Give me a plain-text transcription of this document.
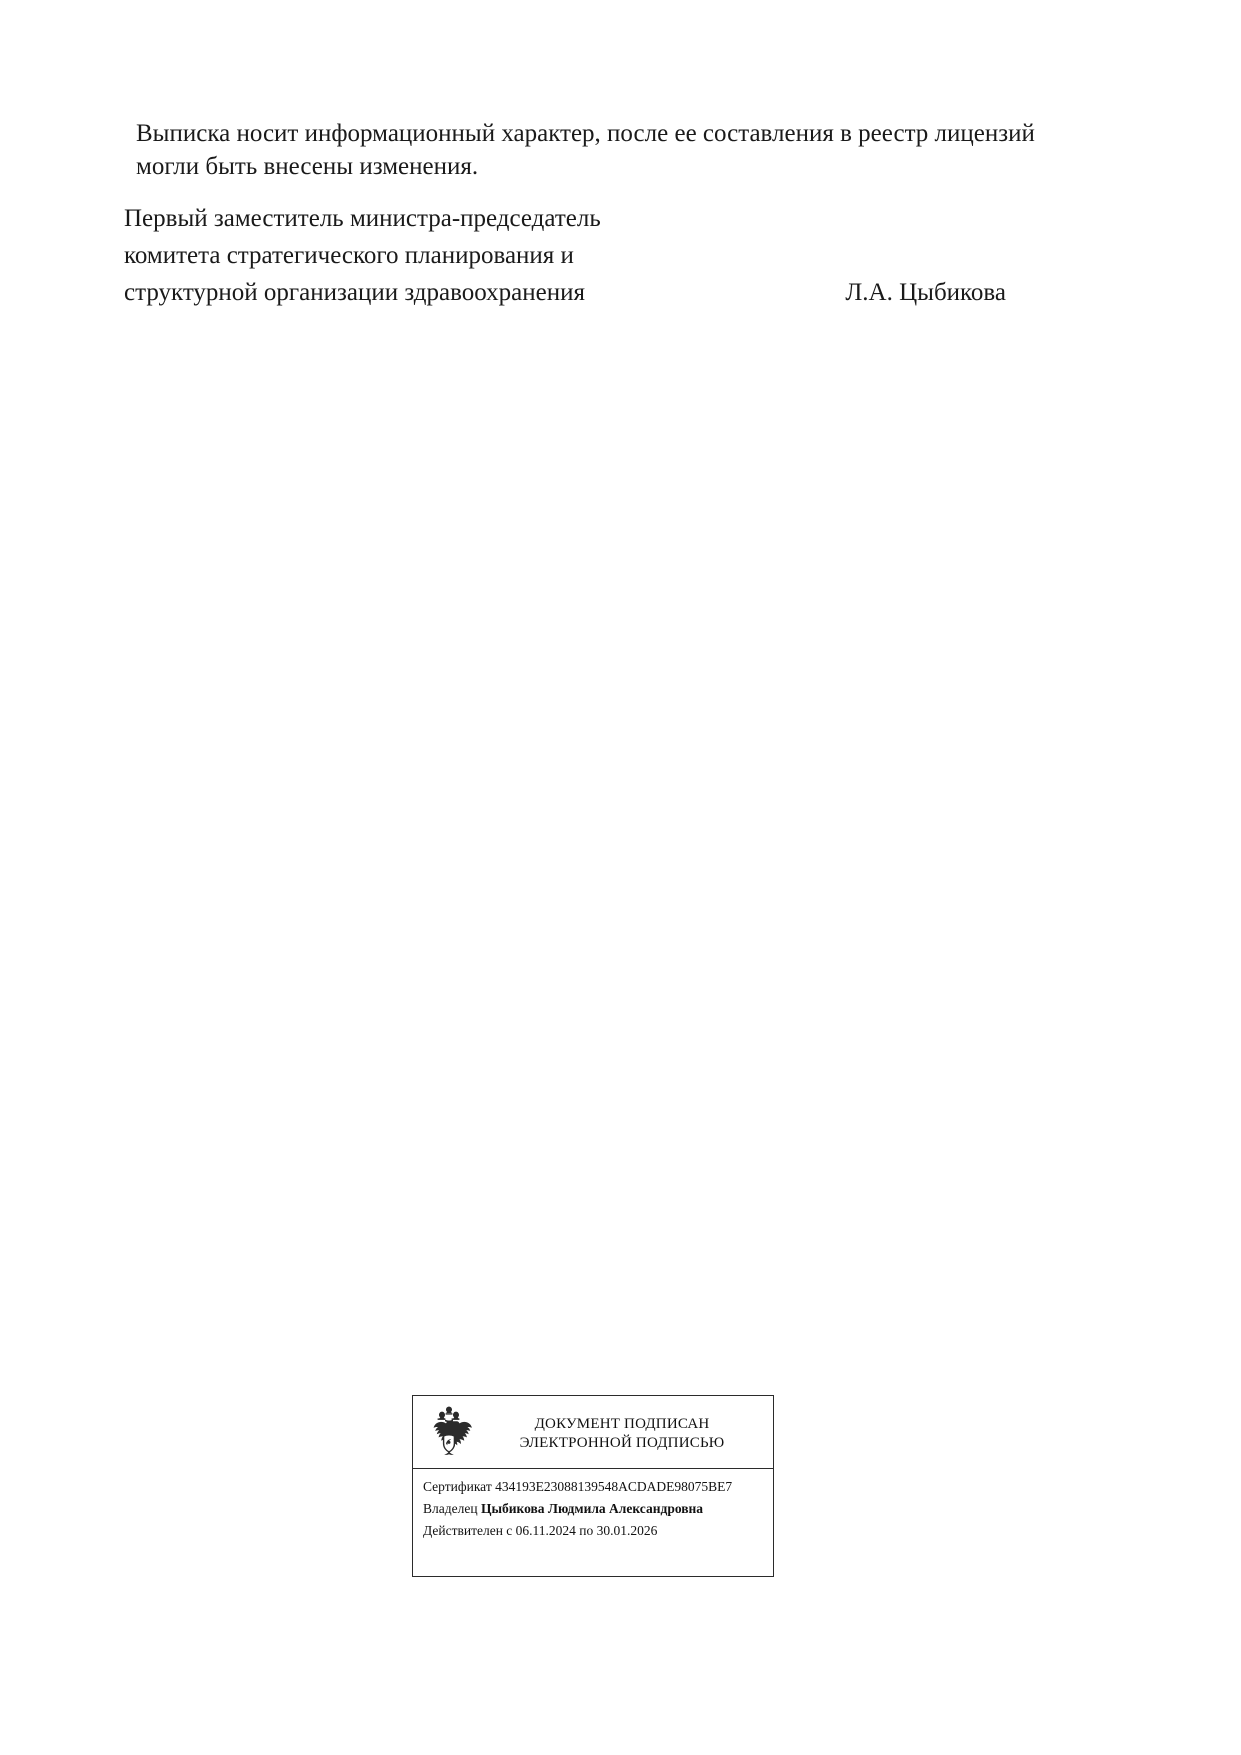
Выписка носит информационный характер, после ее составления в реестр лицензий могли быть внесены изменения.

Первый заместитель министра-председатель
комитета стратегического планирования и
структурной организации здравоохранения	Л.А. Цыбикова
ДОКУМЕНТ ПОДПИСАН
ЭЛЕКТРОННОЙ ПОДПИСЬЮ
Сертификат 434193E23088139548ACDADE98075BE7
Владелец Цыбикова Людмила Александровна
Действителен с 06.11.2024 по 30.01.2026
